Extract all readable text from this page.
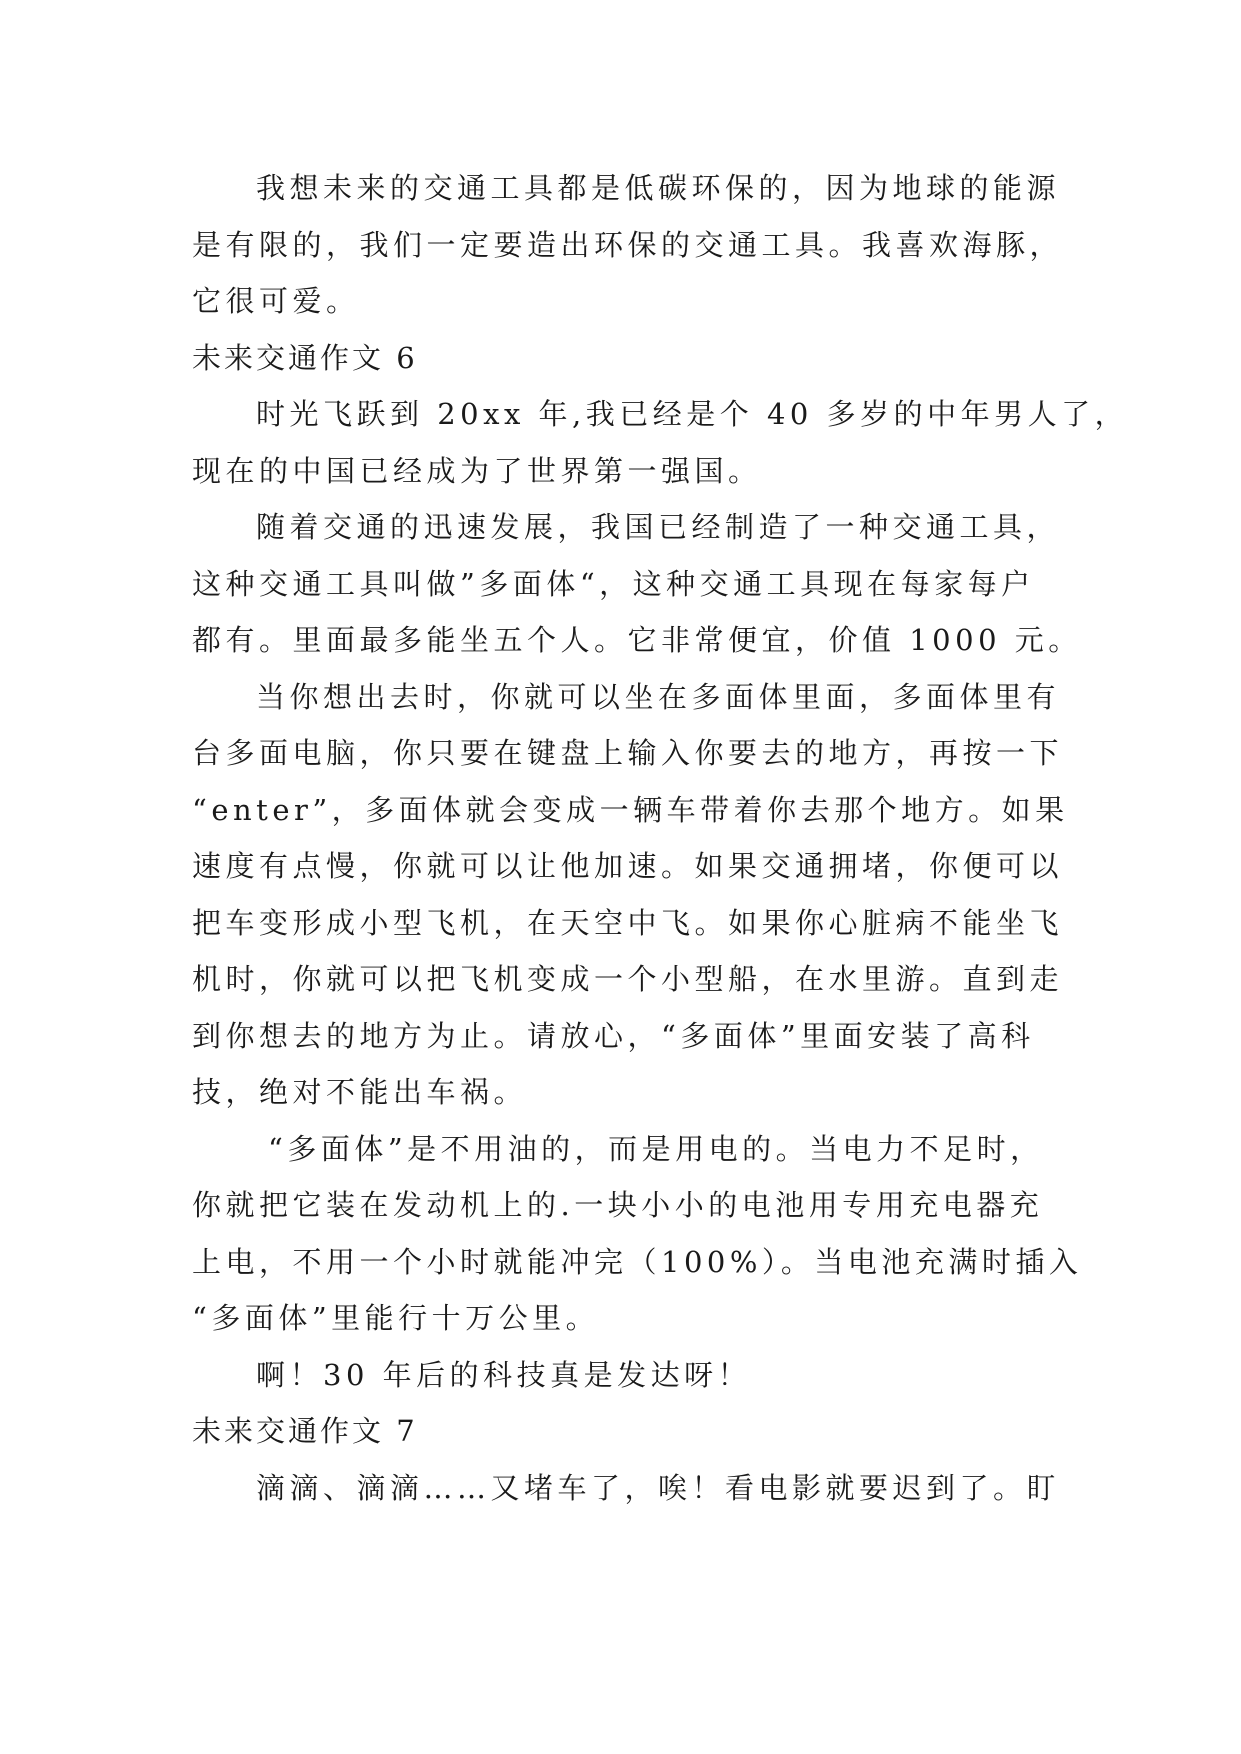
我想未来的交通工具都是低碳环保的，因为地球的能源
是有限的，我们一定要造出环保的交通工具。我喜欢海豚，
它很可爱。
未来交通作文 6
时光飞跃到 20xx 年,我已经是个 40 多岁的中年男人了，
现在的中国已经成为了世界第一强国。
随着交通的迅速发展，我国已经制造了一种交通工具，
这种交通工具叫做”多面体“，这种交通工具现在每家每户
都有。里面最多能坐五个人。它非常便宜，价值 1000 元。
当你想出去时，你就可以坐在多面体里面，多面体里有
台多面电脑，你只要在键盘上输入你要去的地方，再按一下
“enter”，多面体就会变成一辆车带着你去那个地方。如果
速度有点慢，你就可以让他加速。如果交通拥堵，你便可以
把车变形成小型飞机，在天空中飞。如果你心脏病不能坐飞
机时，你就可以把飞机变成一个小型船，在水里游。直到走
到你想去的地方为止。请放心，“多面体”里面安装了高科
技，绝对不能出车祸。
“多面体”是不用油的，而是用电的。当电力不足时，
你就把它装在发动机上的.一块小小的电池用专用充电器充
上电，不用一个小时就能冲完（100%）。当电池充满时插入
“多面体”里能行十万公里。
啊！30 年后的科技真是发达呀！
未来交通作文 7
滴滴、滴滴……又堵车了，唉！看电影就要迟到了。盯
